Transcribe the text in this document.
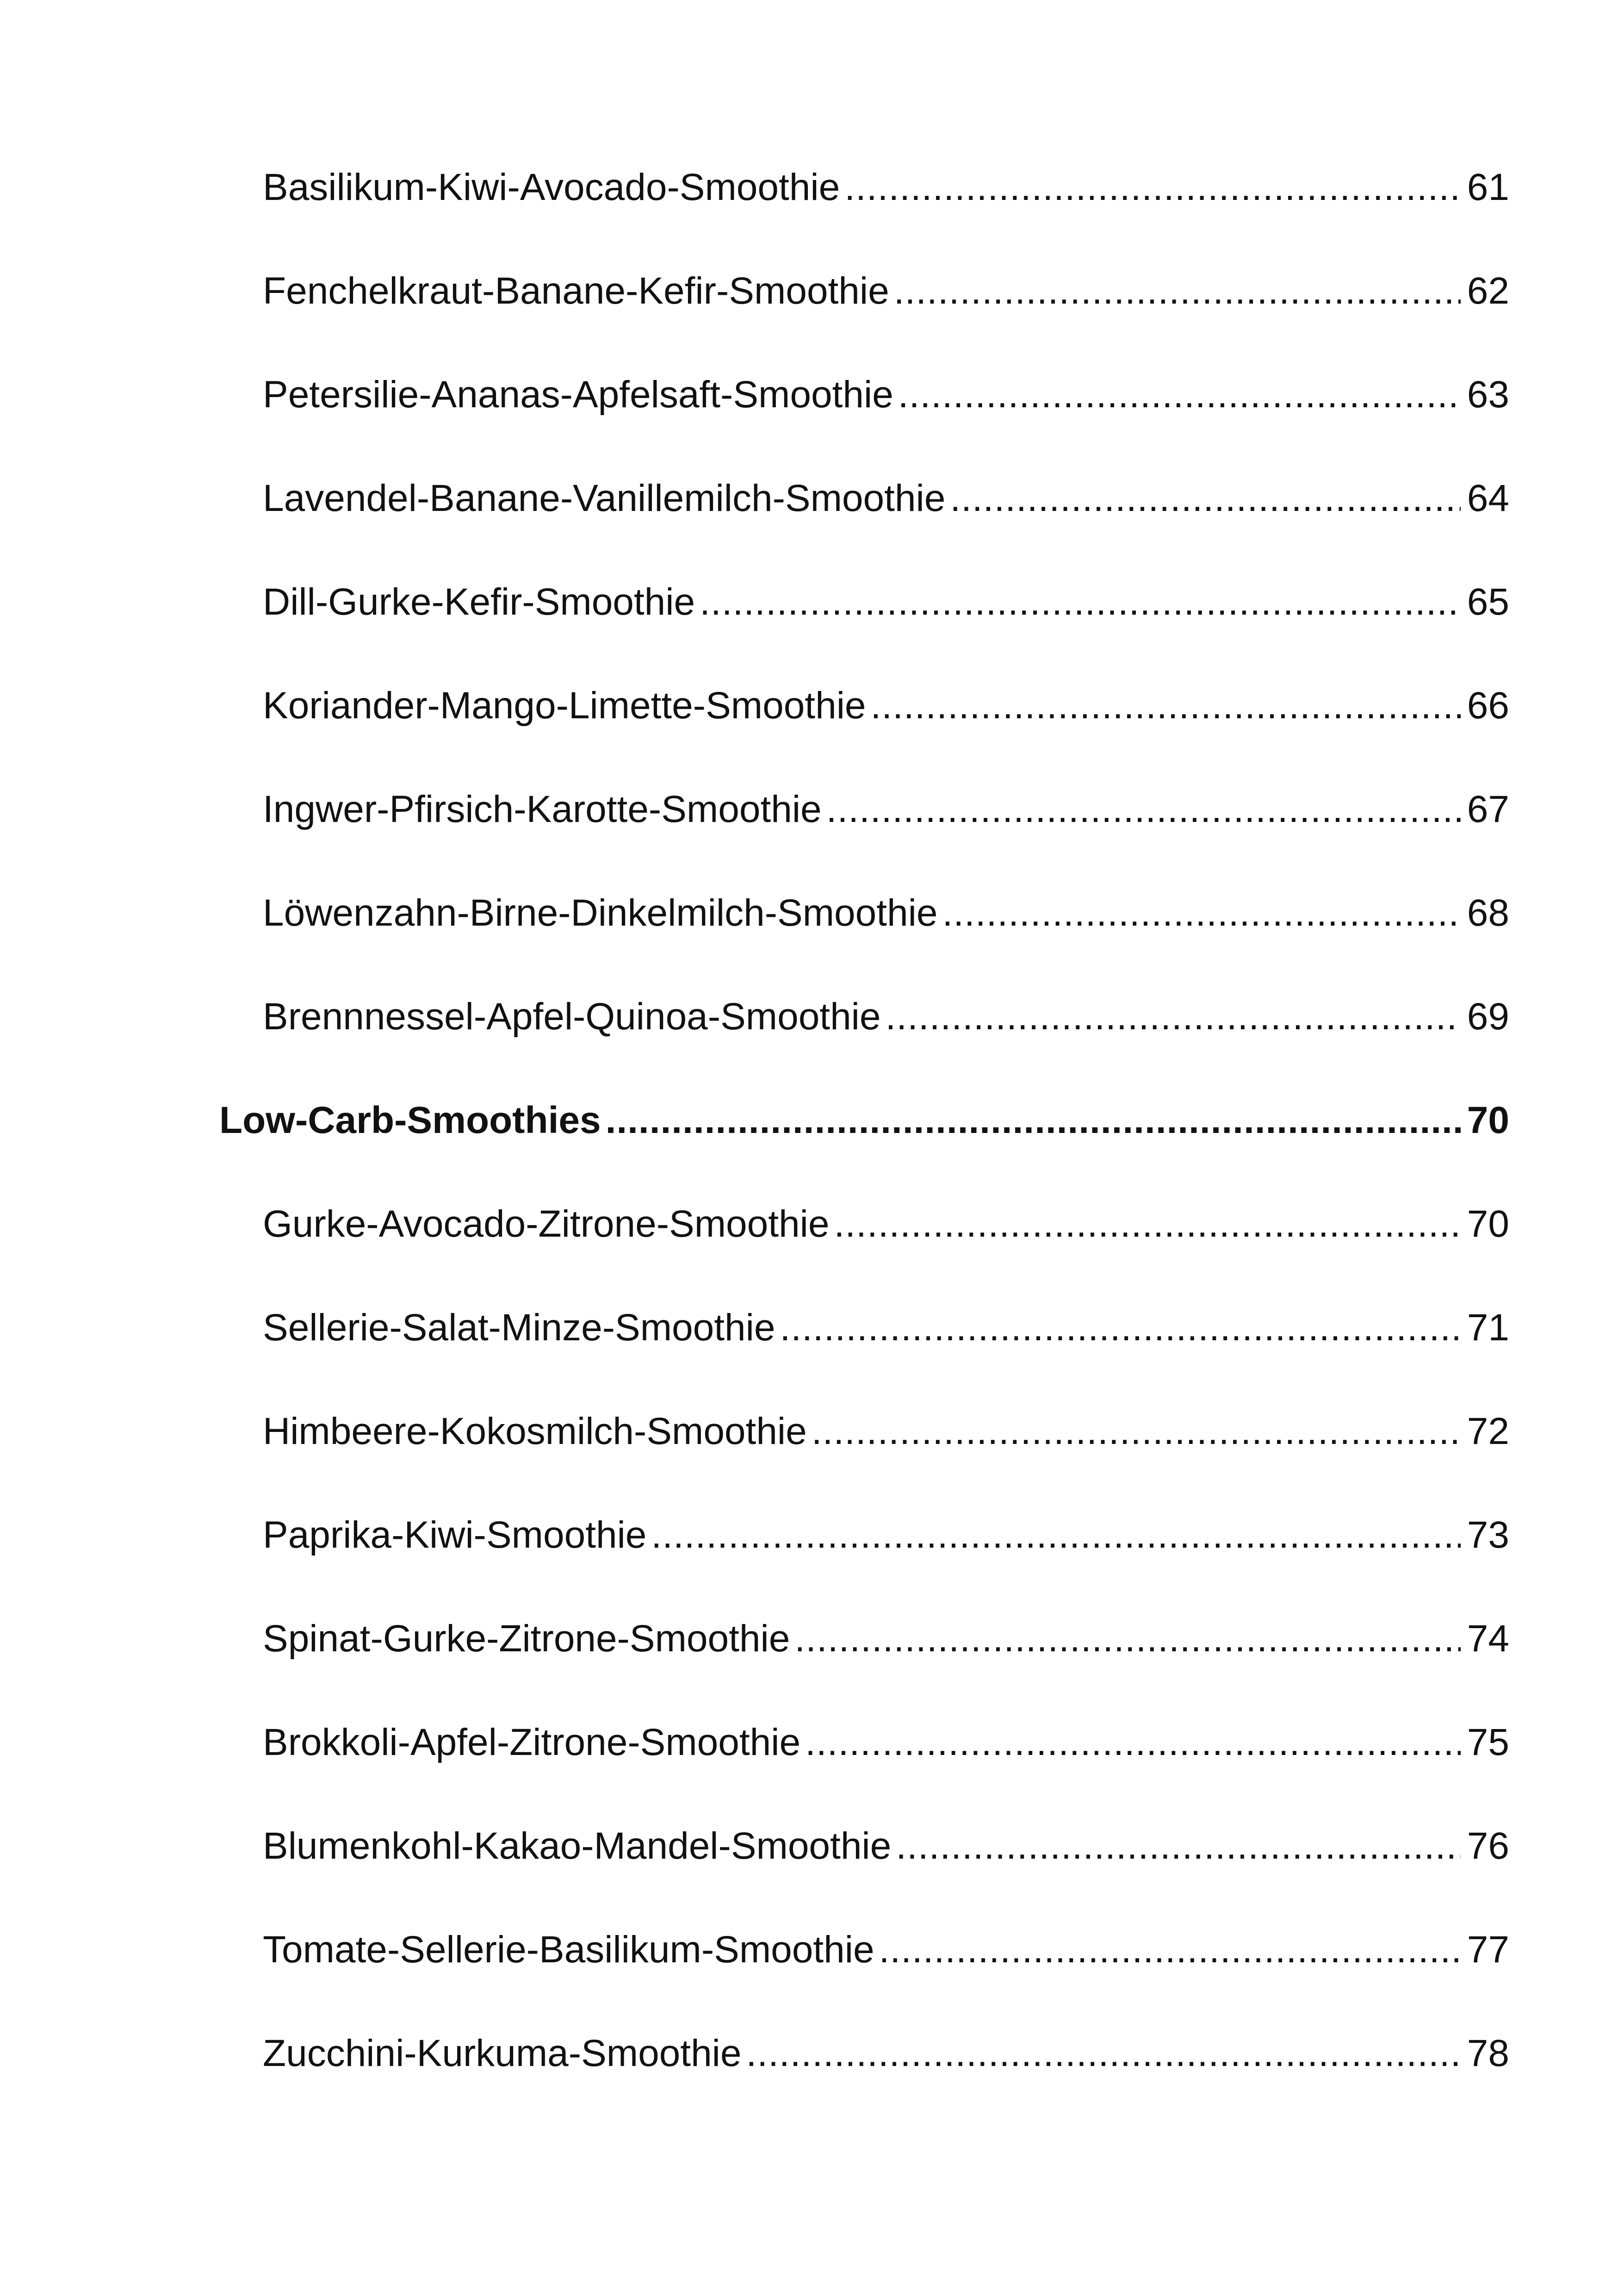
Basilikum-Kiwi-Avocado-Smoothie .....	61
Fenchelkraut-Banane-Kefir-Smoothie .....	62
Petersilie-Ananas-Apfelsaft-Smoothie .....	63
Lavendel-Banane-Vanillemilch-Smoothie .....	64
Dill-Gurke-Kefir-Smoothie .....	65
Koriander-Mango-Limette-Smoothie .....	66
Ingwer-Pfirsich-Karotte-Smoothie .....	67
Löwenzahn-Birne-Dinkelmilch-Smoothie .....	68
Brennnessel-Apfel-Quinoa-Smoothie .....	69
Low-Carb-Smoothies .....	70
Gurke-Avocado-Zitrone-Smoothie .....	70
Sellerie-Salat-Minze-Smoothie .....	71
Himbeere-Kokosmilch-Smoothie .....	72
Paprika-Kiwi-Smoothie .....	73
Spinat-Gurke-Zitrone-Smoothie .....	74
Brokkoli-Apfel-Zitrone-Smoothie .....	75
Blumenkohl-Kakao-Mandel-Smoothie .....	76
Tomate-Sellerie-Basilikum-Smoothie .....	77
Zucchini-Kurkuma-Smoothie .....	78
